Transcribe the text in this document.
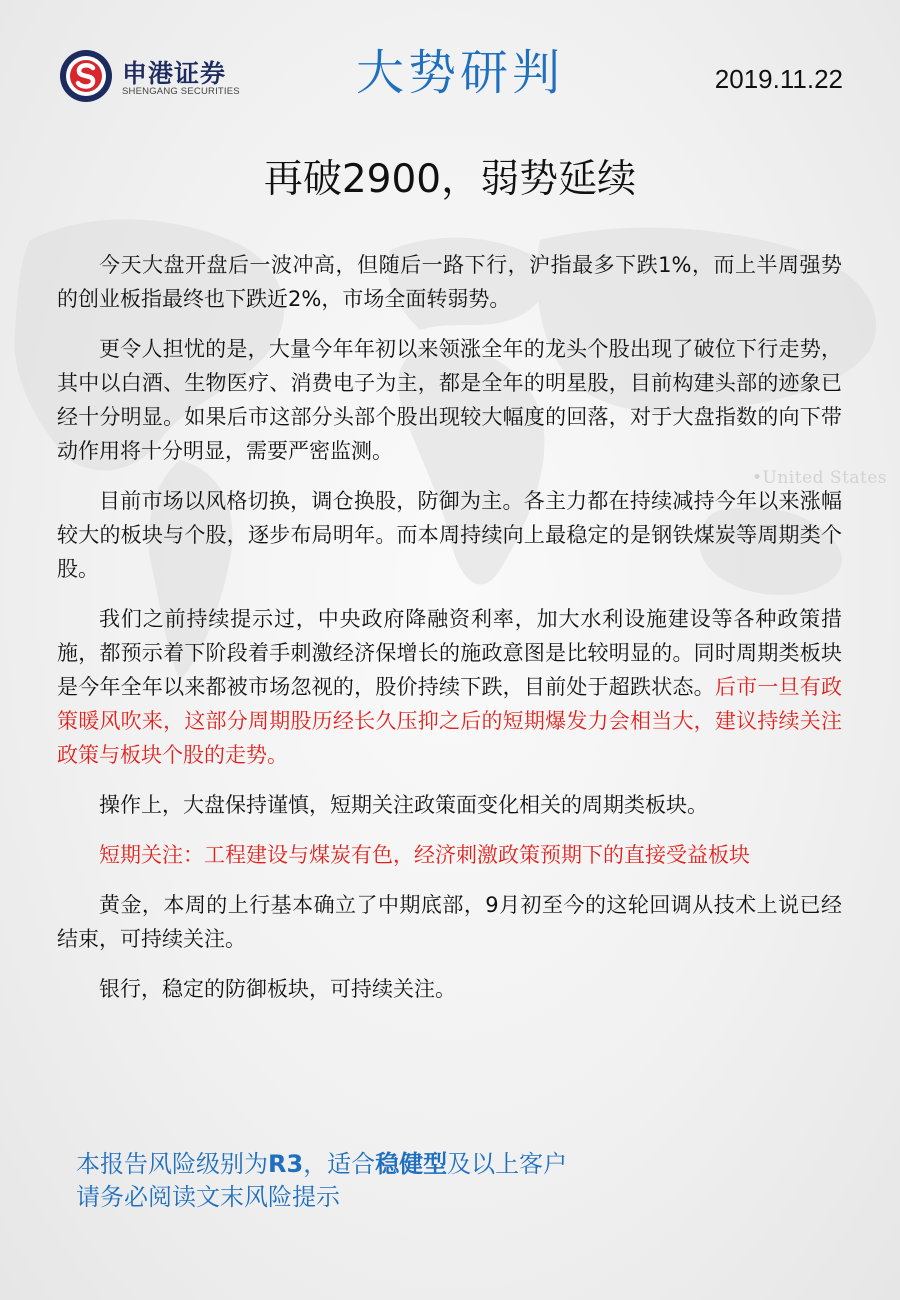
•United States
申港证券
SHENGANG SECURITIES	大势研判	2019.11.22
再破2900，弱势延续

今天大盘开盘后一波冲高，但随后一路下行，沪指最多下跌1%，而上半周强势的创业板指最终也下跌近2%，市场全面转弱势。

更令人担忧的是，大量今年年初以来领涨全年的龙头个股出现了破位下行走势，其中以白酒、生物医疗、消费电子为主，都是全年的明星股，目前构建头部的迹象已经十分明显。如果后市这部分头部个股出现较大幅度的回落，对于大盘指数的向下带动作用将十分明显，需要严密监测。

目前市场以风格切换，调仓换股，防御为主。各主力都在持续减持今年以来涨幅较大的板块与个股，逐步布局明年。而本周持续向上最稳定的是钢铁煤炭等周期类个股。

我们之前持续提示过，中央政府降融资利率，加大水利设施建设等各种政策措施，都预示着下阶段着手刺激经济保增长的施政意图是比较明显的。同时周期类板块是今年全年以来都被市场忽视的，股价持续下跌，目前处于超跌状态。后市一旦有政策暖风吹来，这部分周期股历经长久压抑之后的短期爆发力会相当大，建议持续关注政策与板块个股的走势。

操作上，大盘保持谨慎，短期关注政策面变化相关的周期类板块。

短期关注：工程建设与煤炭有色，经济刺激政策预期下的直接受益板块

黄金，本周的上行基本确立了中期底部，9月初至今的这轮回调从技术上说已经结束，可持续关注。

银行，稳定的防御板块，可持续关注。

本报告风险级别为R3，适合稳健型及以上客户
请务必阅读文末风险提示
